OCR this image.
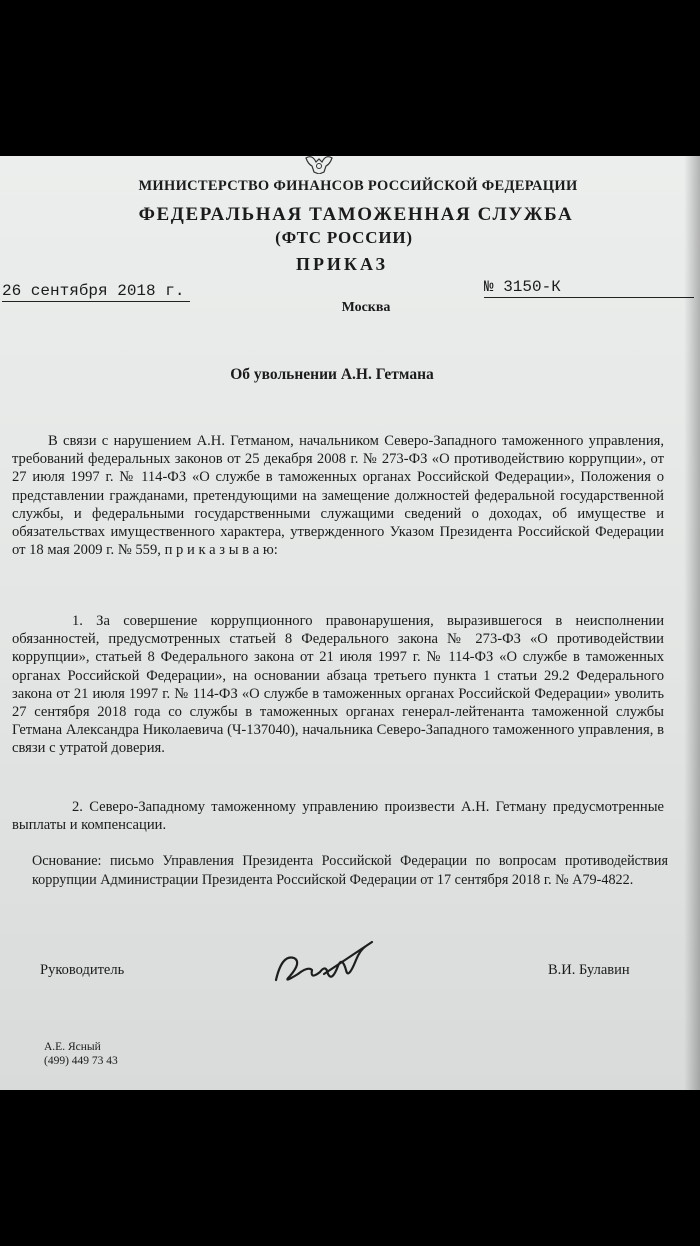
МИНИСТЕРСТВО ФИНАНСОВ РОССИЙСКОЙ ФЕДЕРАЦИИ
ФЕДЕРАЛЬНАЯ ТАМОЖЕННАЯ СЛУЖБА
(ФТС РОССИИ)
ПРИКАЗ
26 сентября 2018 г.	№ 3150-К
Москва
Об увольнении А.Н. Гетмана
В связи с нарушением А.Н. Гетманом, начальником Северо-Западного таможенного управления, требований федеральных законов от 25 декабря 2008 г. № 273-ФЗ «О противодействию коррупции», от 27 июля 1997 г. № 114-ФЗ «О службе в таможенных органах Российской Федерации», Положения о представлении гражданами, претендующими на замещение должностей федеральной государственной службы, и федеральными государственными служащими сведений о доходах, об имуществе и обязательствах имущественного характера, утвержденного Указом Президента Российской Федерации от 18 мая 2009 г. № 559, п р и к а з ы в а ю:
1. За совершение коррупционного правонарушения, выразившегося в неисполнении обязанностей, предусмотренных статьей 8 Федерального закона № 273-ФЗ «О противодействии коррупции», статьей 8 Федерального закона от 21 июля 1997 г. № 114-ФЗ «О службе в таможенных органах Российской Федерации», на основании абзаца третьего пункта 1 статьи 29.2 Федерального закона от 21 июля 1997 г. № 114-ФЗ «О службе в таможенных органах Российской Федерации» уволить 27 сентября 2018 года со службы в таможенных органах генерал-лейтенанта таможенной службы Гетмана Александра Николаевича (Ч-137040), начальника Северо-Западного таможенного управления, в связи с утратой доверия.
2. Северо-Западному таможенному управлению произвести А.Н. Гетману предусмотренные выплаты и компенсации.
Основание: письмо Управления Президента Российской Федерации по вопросам противодействия коррупции Администрации Президента Российской Федерации от 17 сентября 2018 г. № А79-4822.
Руководитель	В.И. Булавин
А.Е. Ясный
(499) 449 73 43
